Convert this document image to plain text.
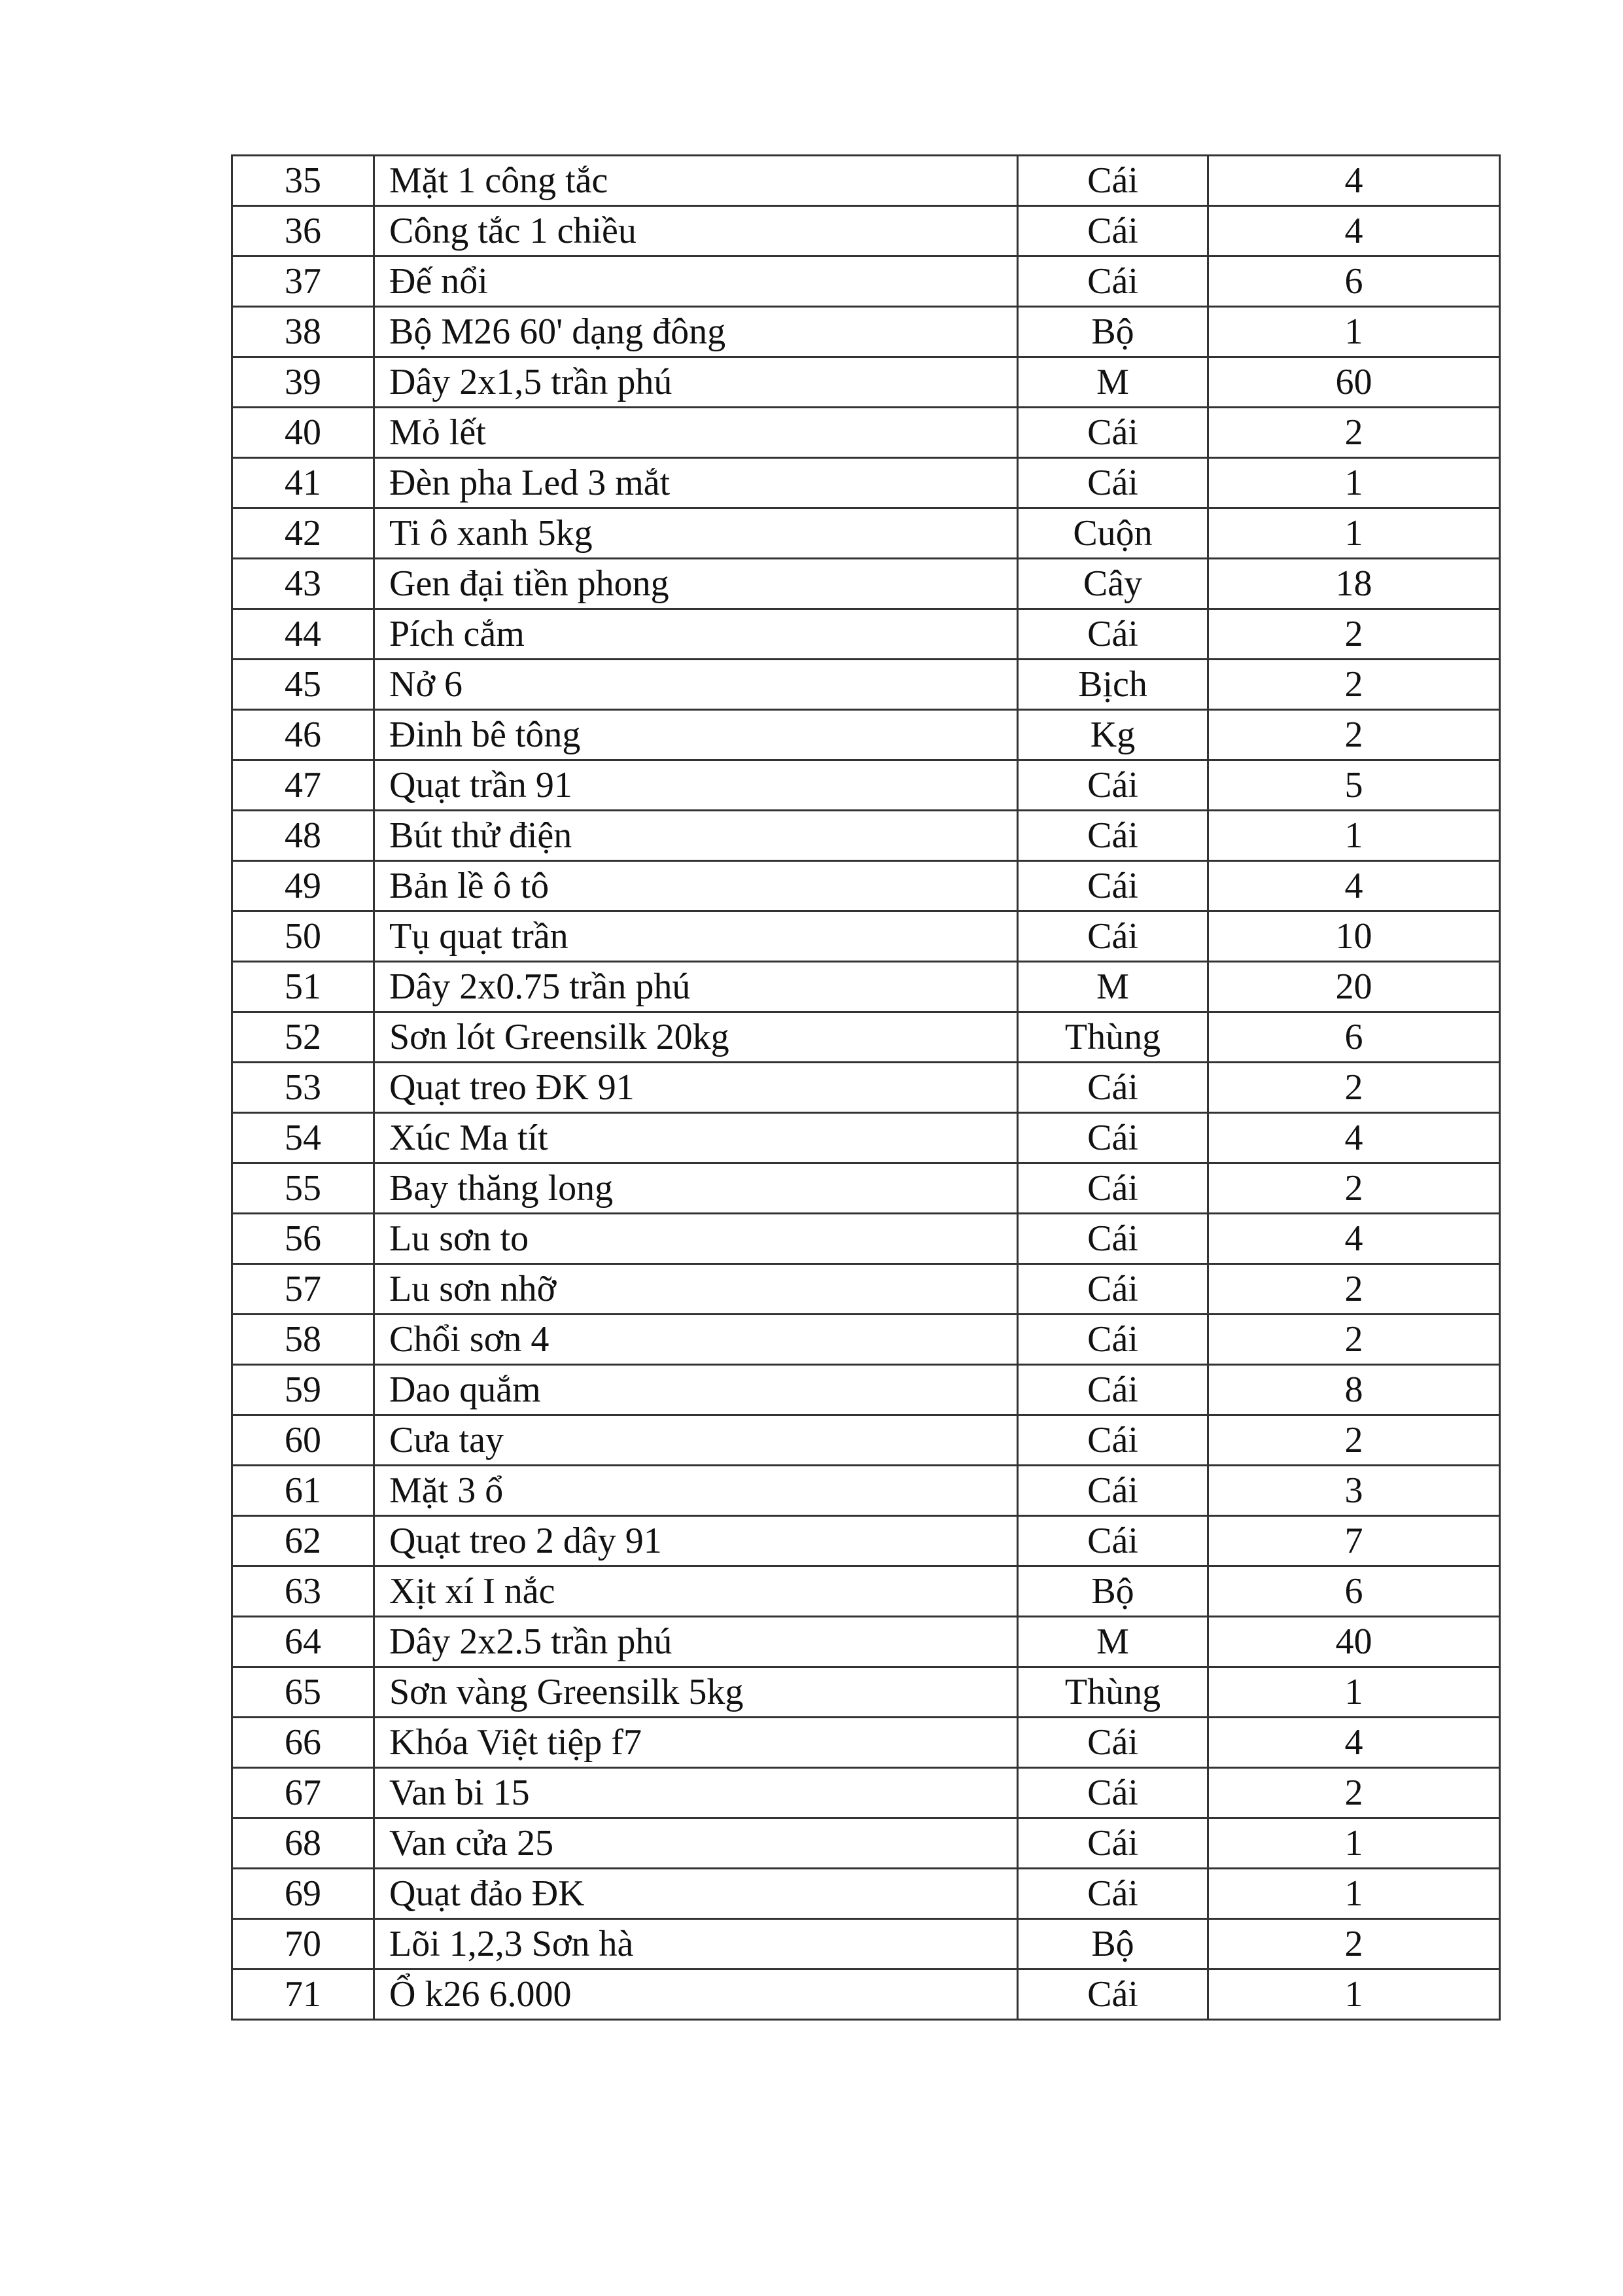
35	Mặt 1 công tắc	Cái	4
36	Công tắc 1 chiều	Cái	4
37	Đế nổi	Cái	6
38	Bộ M26 60' dạng đông	Bộ	1
39	Dây 2x1,5 trần phú	M	60
40	Mỏ lết	Cái	2
41	Đèn pha Led 3 mắt	Cái	1
42	Ti ô xanh 5kg	Cuộn	1
43	Gen đại tiền phong	Cây	18
44	Pích cắm	Cái	2
45	Nở 6	Bịch	2
46	Đinh bê tông	Kg	2
47	Quạt trần 91	Cái	5
48	Bút thử điện	Cái	1
49	Bản lề ô tô	Cái	4
50	Tụ quạt trần	Cái	10
51	Dây 2x0.75 trần phú	M	20
52	Sơn lót Greensilk 20kg	Thùng	6
53	Quạt treo ĐK 91	Cái	2
54	Xúc Ma tít	Cái	4
55	Bay thăng long	Cái	2
56	Lu sơn to	Cái	4
57	Lu sơn nhỡ	Cái	2
58	Chổi sơn 4	Cái	2
59	Dao quắm	Cái	8
60	Cưa tay	Cái	2
61	Mặt 3 ổ	Cái	3
62	Quạt treo 2 dây 91	Cái	7
63	Xịt xí I nắc	Bộ	6
64	Dây 2x2.5 trần phú	M	40
65	Sơn vàng Greensilk 5kg	Thùng	1
66	Khóa Việt tiệp f7	Cái	4
67	Van bi 15	Cái	2
68	Van cửa 25	Cái	1
69	Quạt đảo ĐK	Cái	1
70	Lõi 1,2,3 Sơn hà	Bộ	2
71	Ổ k26 6.000	Cái	1
